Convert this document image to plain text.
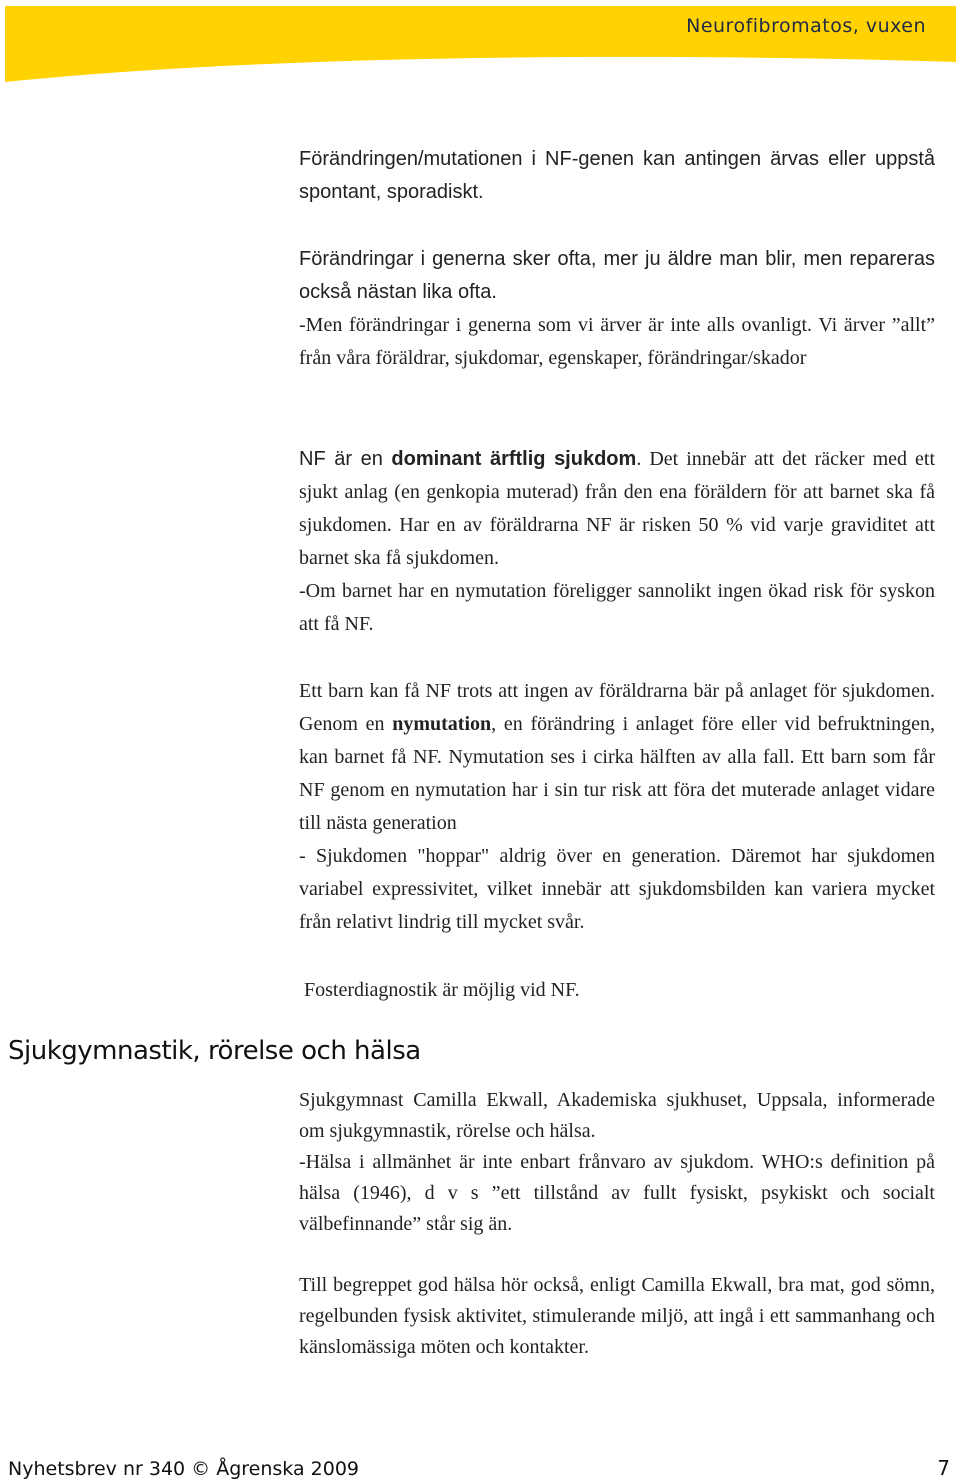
Neurofibromatos, vuxen

Förändringen/mutationen i NF-genen kan antingen ärvas eller uppstå spontant, sporadiskt.

Förändringar i generna sker ofta, mer ju äldre man blir, men repareras också nästan lika ofta.

-Men förändringar i generna som vi ärver är inte alls ovanligt. Vi ärver ”allt” från våra föräldrar, sjukdomar, egenskaper, förändringar/skador

NF är en dominant ärftlig sjukdom. Det innebär att det räcker med ett sjukt anlag (en genkopia muterad) från den ena föräldern för att barnet ska få sjukdomen. Har en av föräldrarna NF är risken 50 % vid varje graviditet att barnet ska få sjukdomen.

-Om barnet har en nymutation föreligger sannolikt ingen ökad risk för syskon att få NF.

Ett barn kan få NF trots att ingen av föräldrarna bär på anlaget för sjukdomen. Genom en nymutation, en förändring i anlaget före eller vid befruktningen, kan barnet få NF. Nymutation ses i cirka hälften av alla fall. Ett barn som får NF genom en nymutation har i sin tur risk att föra det muterade anlaget vidare till nästa generation

- Sjukdomen "hoppar" aldrig över en generation. Däremot har sjukdomen variabel expressivitet, vilket innebär att sjukdomsbilden kan variera mycket från relativt lindrig till mycket svår.

Fosterdiagnostik är möjlig vid NF.

Sjukgymnastik, rörelse och hälsa

Sjukgymnast Camilla Ekwall, Akademiska sjukhuset, Uppsala, informerade om sjukgymnastik, rörelse och hälsa.

-Hälsa i allmänhet är inte enbart frånvaro av sjukdom. WHO:s definition på hälsa (1946), d v s ”ett tillstånd av fullt fysiskt, psykiskt och socialt välbefinnande” står sig än.

Till begreppet god hälsa hör också, enligt Camilla Ekwall, bra mat, god sömn, regelbunden fysisk aktivitet, stimulerande miljö, att ingå i ett sammanhang och känslomässiga möten och kontakter.

Nyhetsbrev nr 340 © Ågrenska 2009	7
